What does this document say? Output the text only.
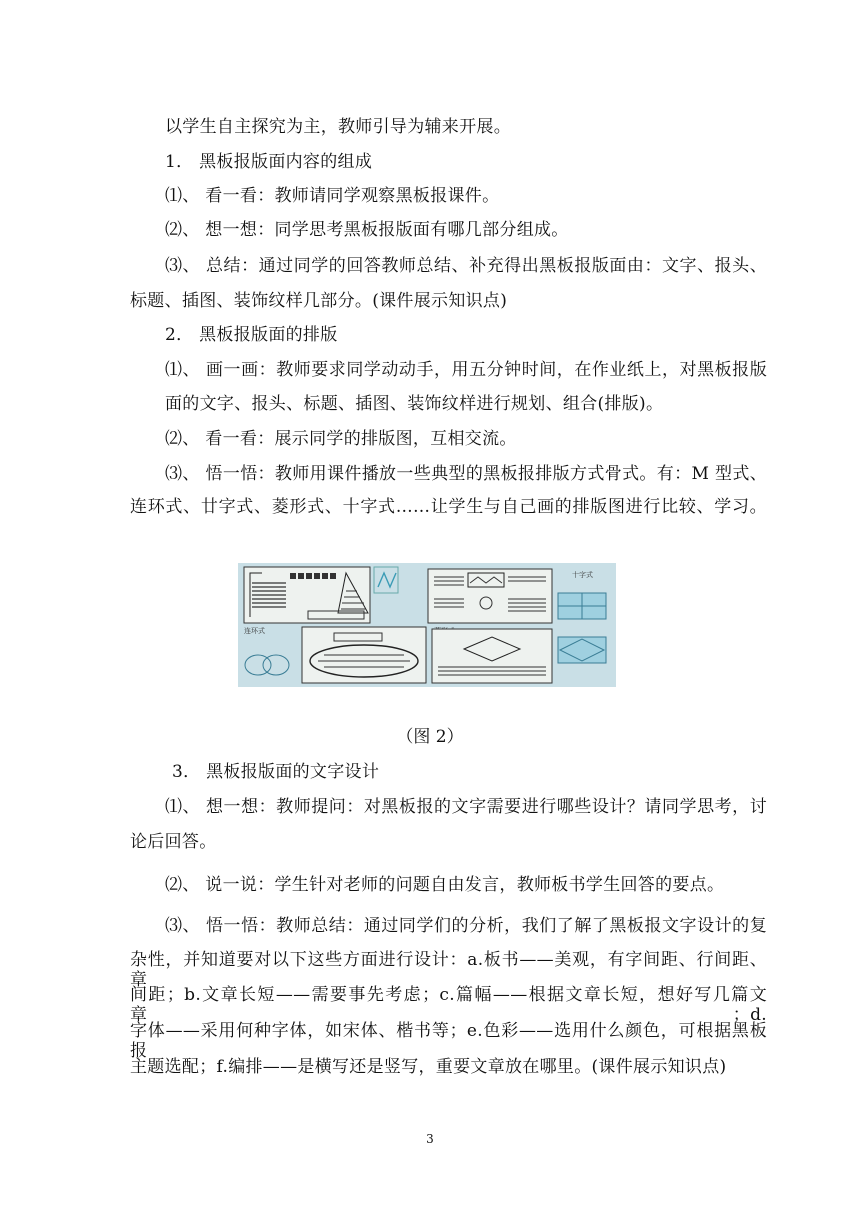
以学生自主探究为主，教师引导为辅来开展。
1． 黑板报版面内容的组成
⑴、 看一看：教师请同学观察黑板报课件。
⑵、 想一想：同学思考黑板报版面有哪几部分组成。
⑶、 总结：通过同学的回答教师总结、补充得出黑板报版面由：文字、报头、
标题、插图、装饰纹样几部分。(课件展示知识点)
2． 黑板报版面的排版
⑴、 画一画：教师要求同学动动手，用五分钟时间，在作业纸上，对黑板报版
面的文字、报头、标题、插图、装饰纹样进行规划、组合(排版)。
⑵、 看一看：展示同学的排版图，互相交流。
⑶、 悟一悟：教师用课件播放一些典型的黑板报排版方式骨式。有：M 型式、
连环式、廿字式、菱形式、十字式……让学生与自己画的排版图进行比较、学习。
十字式
连环式
（图 2）
3． 黑板报版面的文字设计
⑴、 想一想：教师提问：对黑板报的文字需要进行哪些设计？请同学思考，讨
论后回答。
⑵、 说一说：学生针对老师的问题自由发言，教师板书学生回答的要点。
⑶、 悟一悟：教师总结：通过同学们的分析，我们了解了黑板报文字设计的复
杂性，并知道要对以下这些方面进行设计：a.板书——美观，有字间距、行间距、章
间距；b.文章长短——需要事先考虑；c.篇幅——根据文章长短，想好写几篇文章；d.
字体——采用何种字体，如宋体、楷书等；e.色彩——选用什么颜色，可根据黑板报
主题选配；f.编排——是横写还是竖写，重要文章放在哪里。(课件展示知识点)
3
